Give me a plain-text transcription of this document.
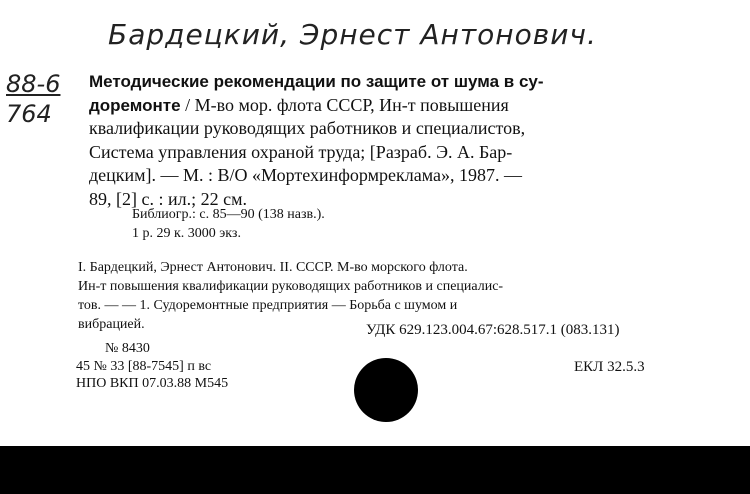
Бардецкий, Эрнест Антонович.
88-6
764
Методические рекомендации по защите от шума в су-
доремонте / М-во мор. флота СССР, Ин-т повышения
квалификации руководящих работников и специалистов,
Система управления охраной труда; [Разраб. Э. А. Бар-
децким]. — М. : В/О «Мортехинформреклама», 1987. —
89, [2] с. : ил.; 22 см.
Библиогр.: с. 85—90 (138 назв.).
1 р. 29 к. 3000 экз.
I. Бардецкий, Эрнест Антонович. II. СССР. М-во морского флота.
Ин-т повышения квалификации руководящих работников и специалис-
тов. — — 1. Судоремонтные предприятия — Борьба с шумом и
вибрацией.	УДК 629.123.004.67:628.517.1 (083.131)
№ 8430
45 № 33 [88-7545] п вс	ЕКЛ 32.5.3
НПО ВКП 07.03.88 М545
